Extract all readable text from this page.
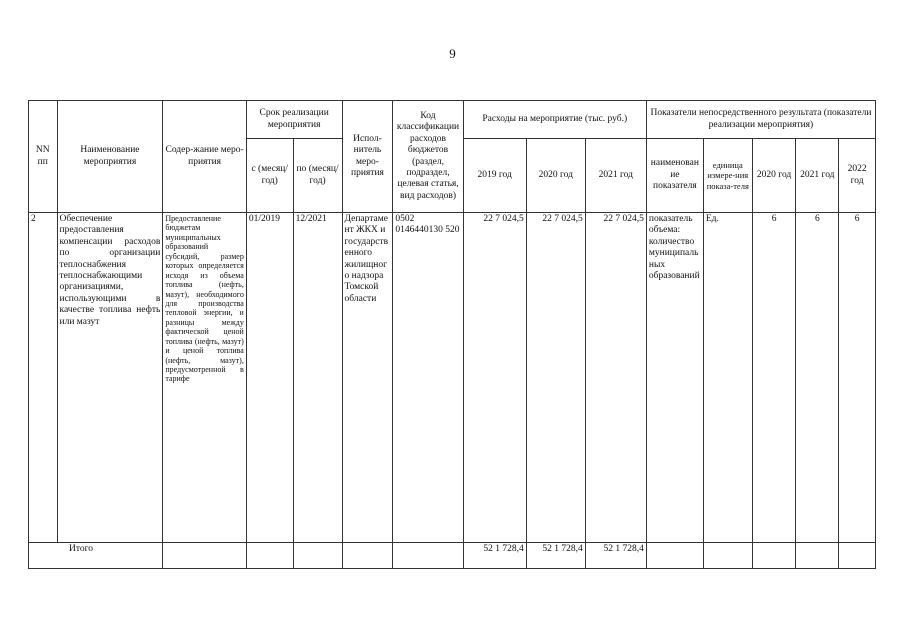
9
NN пп	Наименование мероприятия	Содер-жание меро-приятия	Срок реализации мероприятия		Испол-нитель меро-приятия	Код классификации расходов бюджетов (раздел, подраздел, целевая статья, вид расходов)	Расходы на мероприятие (тыс. руб.)			Показатели непосредственного результата (показатели реализации мероприятия)				
			с (месяц/ год)	по (месяц/ год)			2019 год	2020 год	2021 год	наименование показателя	единица измере-ния показа-теля	2020 год	2021 год	2022 год
2	Обеспечение предоставления компенсации расходов по организации теплоснабжения теплоснабжающими организациями, использующими в качестве топлива нефть или мазут	Предоставление бюджетам муниципальных образований субсидий, размер которых определяется исходя из объема топлива (нефть, мазут), необходимого для производства тепловой энергии, и разницы между фактической ценой топлива (нефть, мазут) и ценой топлива (нефть, мазут), предусмотренной в тарифе	01/2019	12/2021	Департамент ЖКХ и государственного жилищного надзора Томской области	0502 0146440130 520	22 7 024,5	22 7 024,5	22 7 024,5	показатель объема: количество муниципальных образований	Ед.	6	6	6
Итого							52 1 728,4	52 1 728,4	52 1 728,4					
